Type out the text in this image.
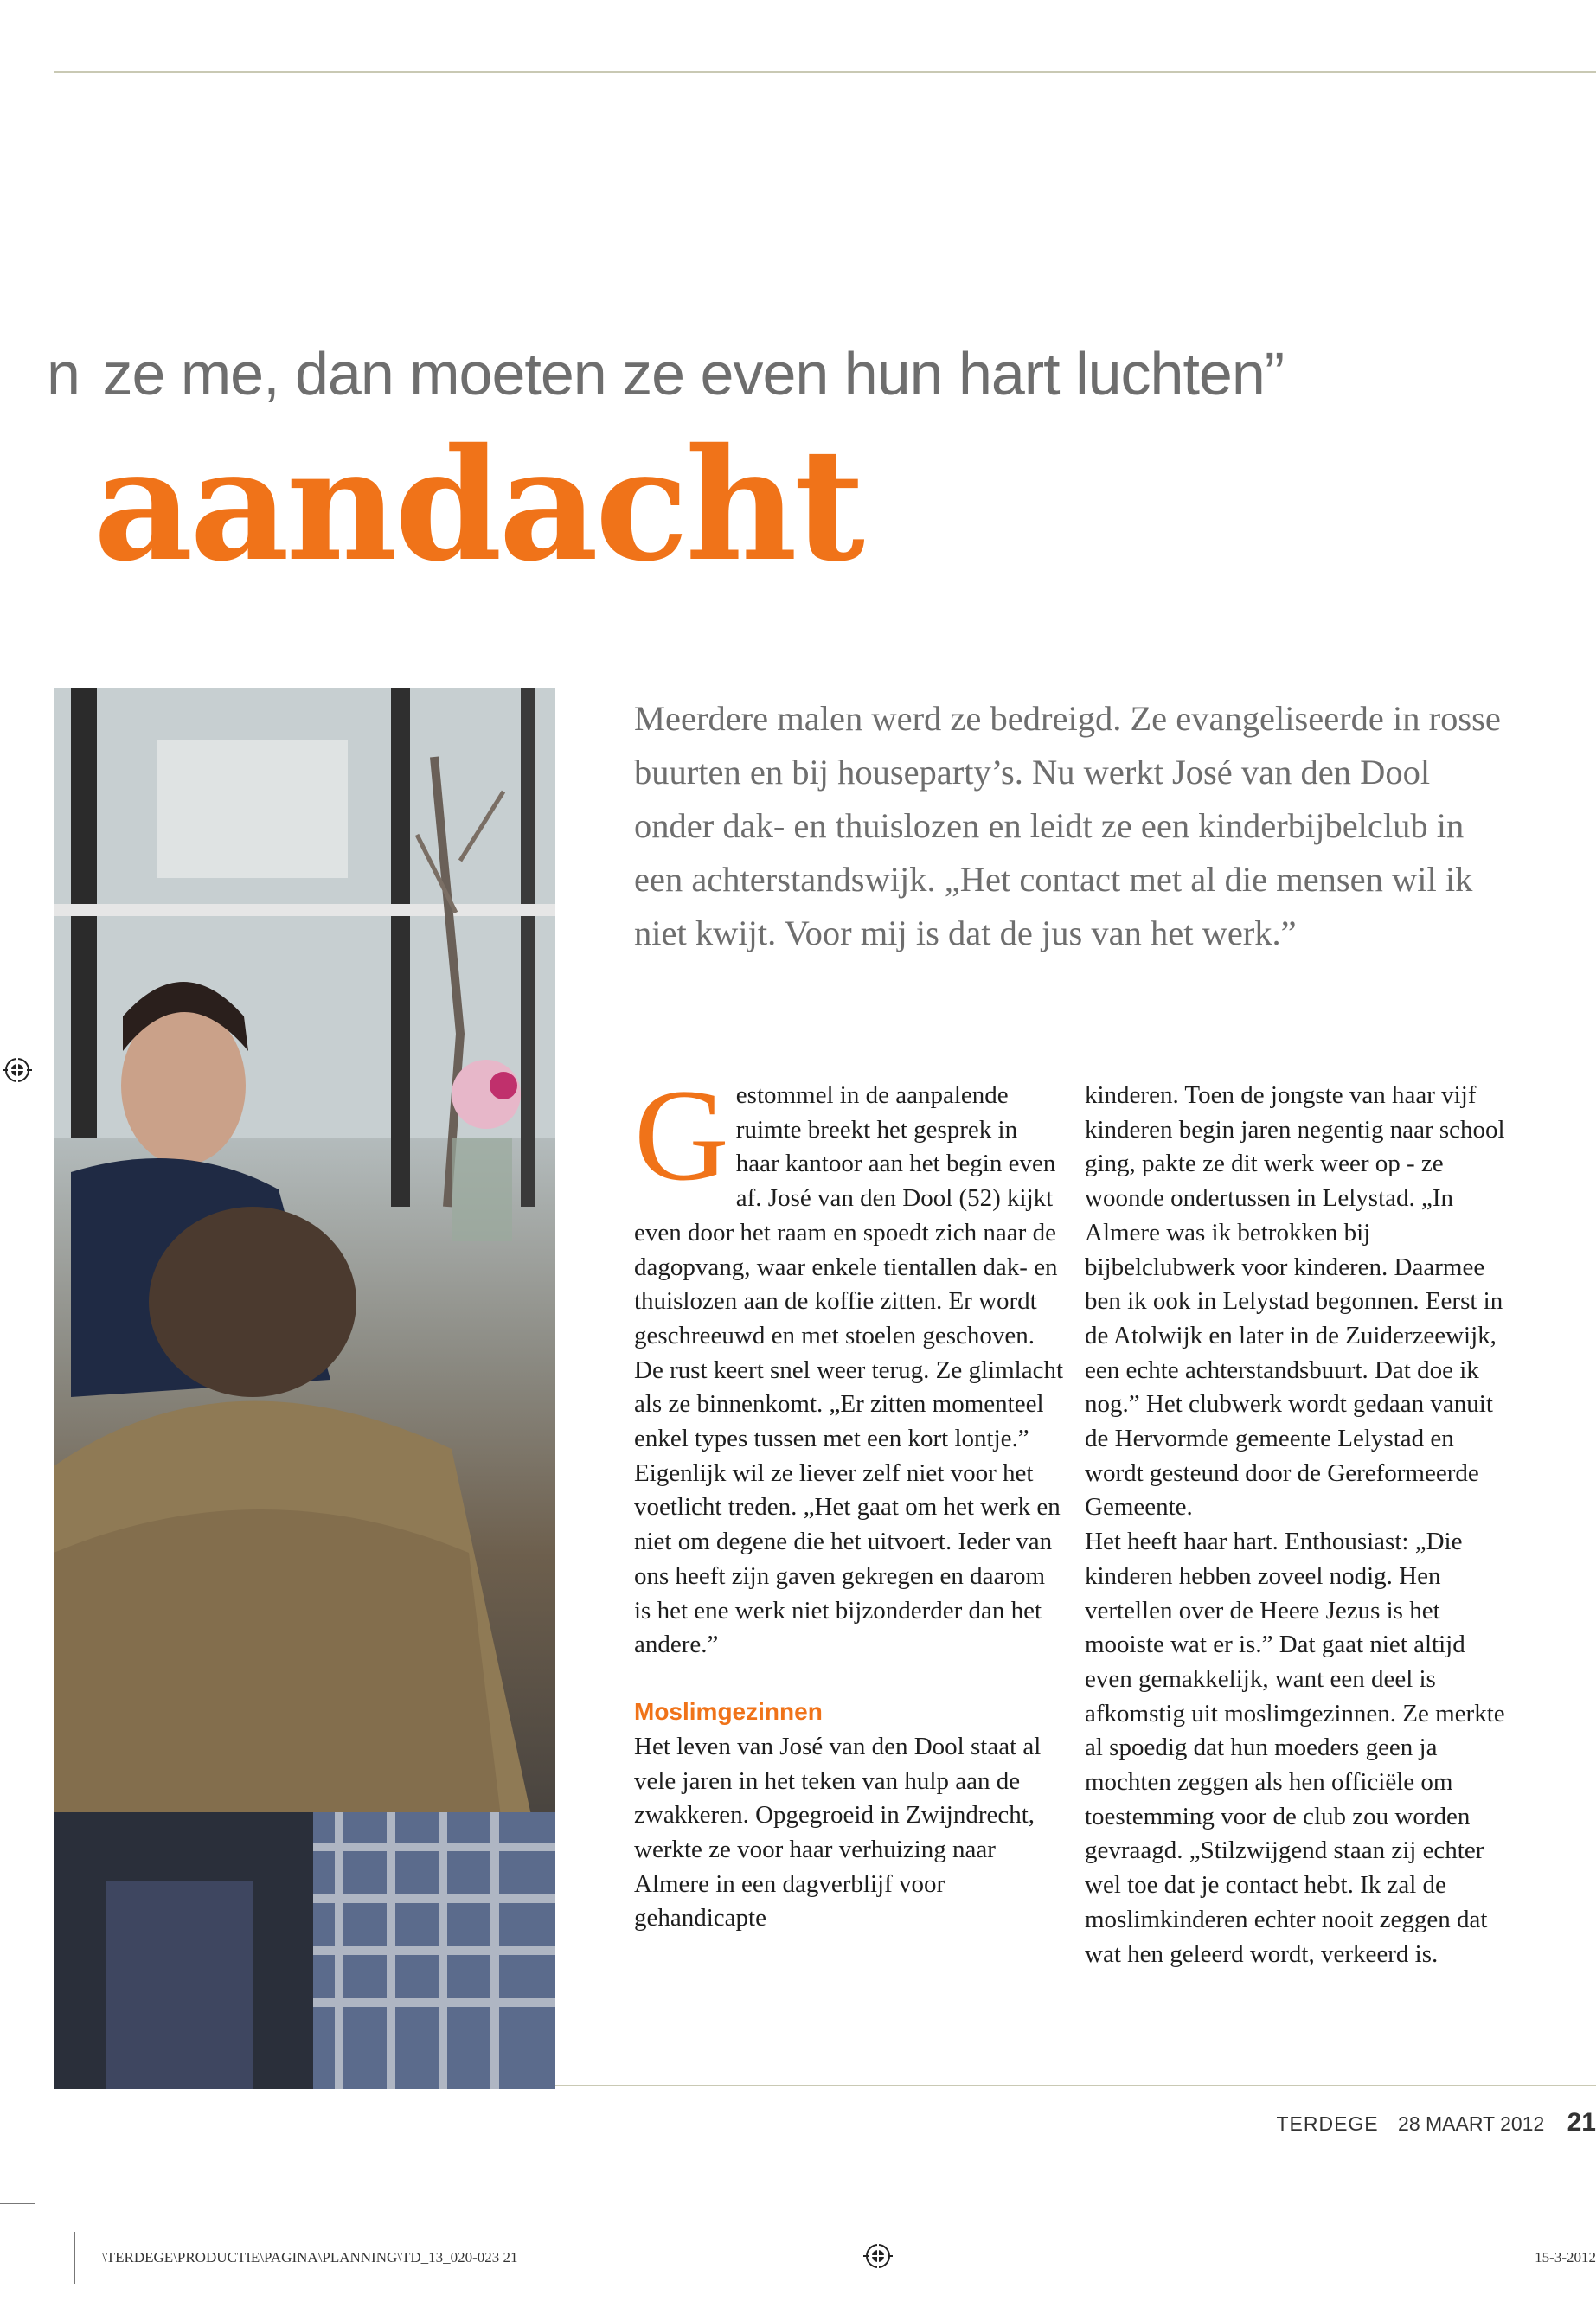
n ze me, dan moeten ze even hun hart luchten”
aandacht
Meerdere malen werd ze bedreigd. Ze evangeliseerde in rosse buurten en bij houseparty’s. Nu werkt José van den Dool onder dak- en thuislozen en leidt ze een kinderbijbelclub in een achterstandswijk. „Het contact met al die mensen wil ik niet kwijt. Voor mij is dat de jus van het werk.”

Gestommel in de aanpalende ruimte breekt het gesprek in haar kantoor aan het begin even af. José van den Dool (52) kijkt even door het raam en spoedt zich naar de dagopvang, waar enkele tientallen dak- en thuislozen aan de koffie zitten. Er wordt geschreeuwd en met stoelen geschoven. De rust keert snel weer terug. Ze glimlacht als ze binnenkomt. „Er zitten momenteel enkel types tussen met een kort lontje.”

Eigenlijk wil ze liever zelf niet voor het voetlicht treden. „Het gaat om het werk en niet om degene die het uitvoert. Ieder van ons heeft zijn gaven gekregen en daarom is het ene werk niet bijzonderder dan het andere.”

Moslimgezinnen

Het leven van José van den Dool staat al vele jaren in het teken van hulp aan de zwakkeren. Opgegroeid in Zwijndrecht, werkte ze voor haar verhuizing naar Almere in een dagverblijf voor gehandicapte

kinderen. Toen de jongste van haar vijf kinderen begin jaren negentig naar school ging, pakte ze dit werk weer op - ze woonde ondertussen in Lelystad. „In Almere was ik betrokken bij bijbelclubwerk voor kinderen. Daarmee ben ik ook in Lelystad begonnen. Eerst in de Atolwijk en later in de Zuiderzeewijk, een echte achterstandsbuurt. Dat doe ik nog.” Het clubwerk wordt gedaan vanuit de Hervormde gemeente Lelystad en wordt gesteund door de Gereformeerde Gemeente.

Het heeft haar hart. Enthousiast: „Die kinderen hebben zoveel nodig. Hen vertellen over de Heere Jezus is het mooiste wat er is.” Dat gaat niet altijd even gemakkelijk, want een deel is afkomstig uit moslimgezinnen. Ze merkte al spoedig dat hun moeders geen ja mochten zeggen als hen officiële om toestemming voor de club zou worden gevraagd. „Stilzwijgend staan zij echter wel toe dat je contact hebt. Ik zal de moslimkinderen echter nooit zeggen dat wat hen geleerd wordt, verkeerd is.

TERDEGE 28 MAART 2012 21
\TERDEGE\PRODUCTIE\PAGINA\PLANNING\TD_13_020-023 21	15-3-2012
